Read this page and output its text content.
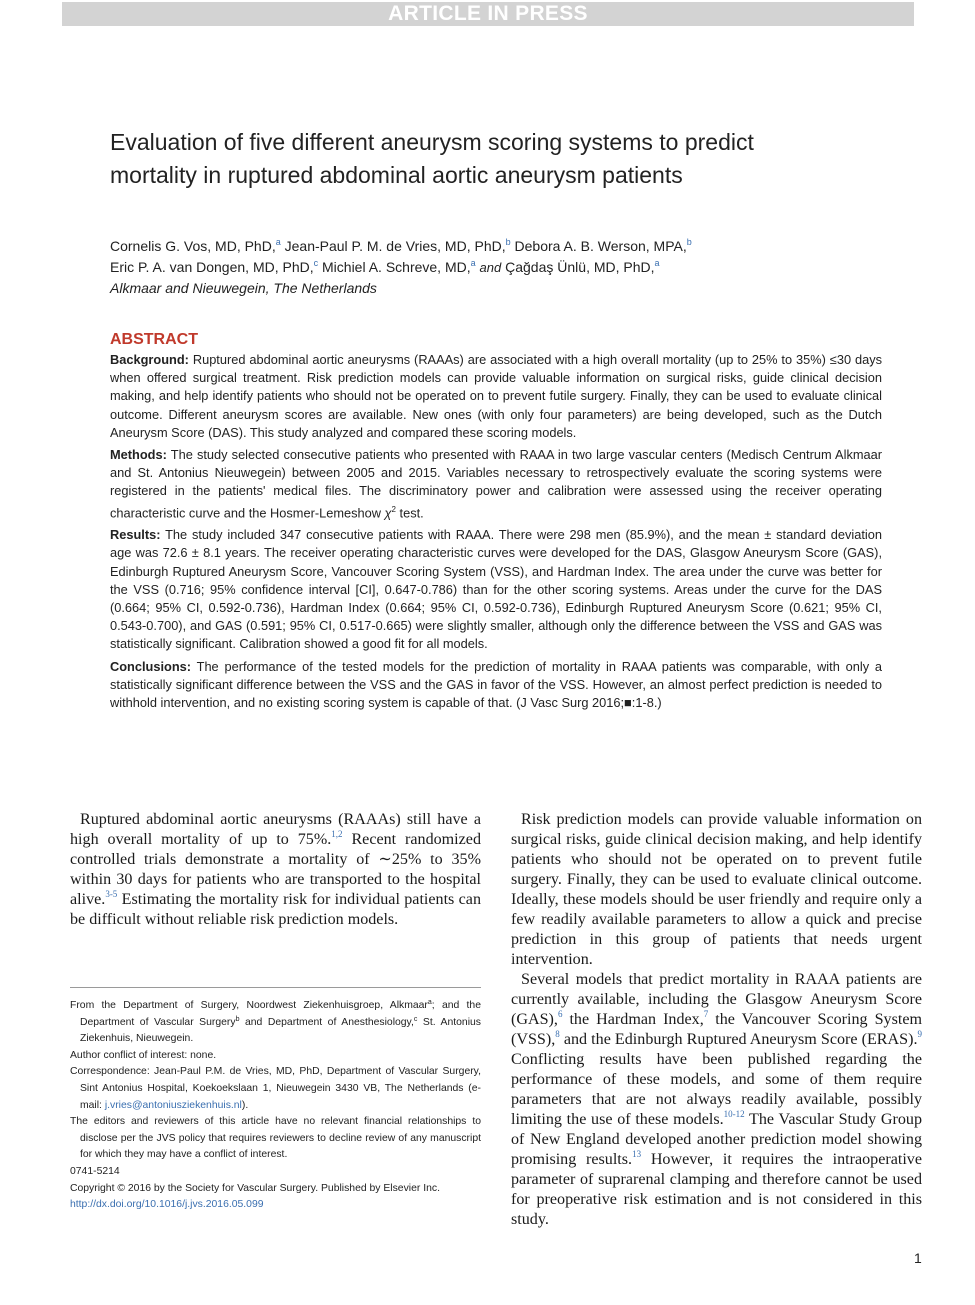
ARTICLE IN PRESS
Evaluation of five different aneurysm scoring systems to predict mortality in ruptured abdominal aortic aneurysm patients
Cornelis G. Vos, MD, PhD,$^a$ Jean-Paul P. M. de Vries, MD, PhD,$^b$ Debora A. B. Werson, MPA,$^b$
Eric P. A. van Dongen, MD, PhD,$^c$ Michiel A. Schreve, MD,$^a$ and Çağdaş Ünlü, MD, PhD,$^a$
Alkmaar and Nieuwegein, The Netherlands
ABSTRACT

Background: Ruptured abdominal aortic aneurysms (RAAAs) are associated with a high overall mortality (up to 25% to 35%) ≤30 days when offered surgical treatment. Risk prediction models can provide valuable information on surgical risks, guide clinical decision making, and help identify patients who should not be operated on to prevent futile surgery. Finally, they can be used to evaluate clinical outcome. Different aneurysm scores are available. New ones (with only four parameters) are being developed, such as the Dutch Aneurysm Score (DAS). This study analyzed and compared these scoring models.

Methods: The study selected consecutive patients who presented with RAAA in two large vascular centers (Medisch Centrum Alkmaar and St. Antonius Nieuwegein) between 2005 and 2015. Variables necessary to retrospectively evaluate the scoring systems were registered in the patients' medical files. The discriminatory power and calibration were assessed using the receiver operating characteristic curve and the Hosmer-Lemeshow $\chi^2$ test.

Results: The study included 347 consecutive patients with RAAA. There were 298 men (85.9%), and the mean ± standard deviation age was 72.6 ± 8.1 years. The receiver operating characteristic curves were developed for the DAS, Glasgow Aneurysm Score (GAS), Edinburgh Ruptured Aneurysm Score, Vancouver Scoring System (VSS), and Hardman Index. The area under the curve was better for the VSS (0.716; 95% confidence interval [CI], 0.647-0.786) than for the other scoring systems. Areas under the curve for the DAS (0.664; 95% CI, 0.592-0.736), Hardman Index (0.664; 95% CI, 0.592-0.736), Edinburgh Ruptured Aneurysm Score (0.621; 95% CI, 0.543-0.700), and GAS (0.591; 95% CI, 0.517-0.665) were slightly smaller, although only the difference between the VSS and GAS was statistically significant. Calibration showed a good fit for all models.

Conclusions: The performance of the tested models for the prediction of mortality in RAAA patients was comparable, with only a statistically significant difference between the VSS and the GAS in favor of the VSS. However, an almost perfect prediction is needed to withhold intervention, and no existing scoring system is capable of that. (J Vasc Surg 2016;■:1-8.)

Ruptured abdominal aortic aneurysms (RAAAs) still have a high overall mortality of up to 75%.$^{1,2}$ Recent randomized controlled trials demonstrate a mortality of ∼25% to 35% within 30 days for patients who are transported to the hospital alive.$^{3-5}$ Estimating the mortality risk for individual patients can be difficult without reliable risk prediction models.

From the Department of Surgery, Noordwest Ziekenhuisgroep, Alkmaar$^a$; and the Department of Vascular Surgery$^b$ and Department of Anesthesiology,$^c$ St. Antonius Ziekenhuis, Nieuwegein.

Author conflict of interest: none.

Correspondence: Jean-Paul P.M. de Vries, MD, PhD, Department of Vascular Surgery, Sint Antonius Hospital, Koekoekslaan 1, Nieuwegein 3430 VB, The Netherlands (e-mail: j.vries@antoniusziekenhuis.nl).

The editors and reviewers of this article have no relevant financial relationships to disclose per the JVS policy that requires reviewers to decline review of any manuscript for which they may have a conflict of interest.

0741-5214

Copyright © 2016 by the Society for Vascular Surgery. Published by Elsevier Inc.

http://dx.doi.org/10.1016/j.jvs.2016.05.099

Risk prediction models can provide valuable information on surgical risks, guide clinical decision making, and help identify patients who should not be operated on to prevent futile surgery. Finally, they can be used to evaluate clinical outcome. Ideally, these models should be user friendly and require only a few readily available parameters to allow a quick and precise prediction in this group of patients that needs urgent intervention.

Several models that predict mortality in RAAA patients are currently available, including the Glasgow Aneurysm Score (GAS),$^6$ the Hardman Index,$^7$ the Vancouver Scoring System (VSS),$^8$ and the Edinburgh Ruptured Aneurysm Score (ERAS).$^9$ Conflicting results have been published regarding the performance of these models, and some of them require parameters that are not always readily available, possibly limiting the use of these models.$^{10-12}$ The Vascular Study Group of New England developed another prediction model showing promising results.$^{13}$ However, it requires the intraoperative parameter of suprarenal clamping and therefore cannot be used for preoperative risk estimation and is not considered in this study.

1
